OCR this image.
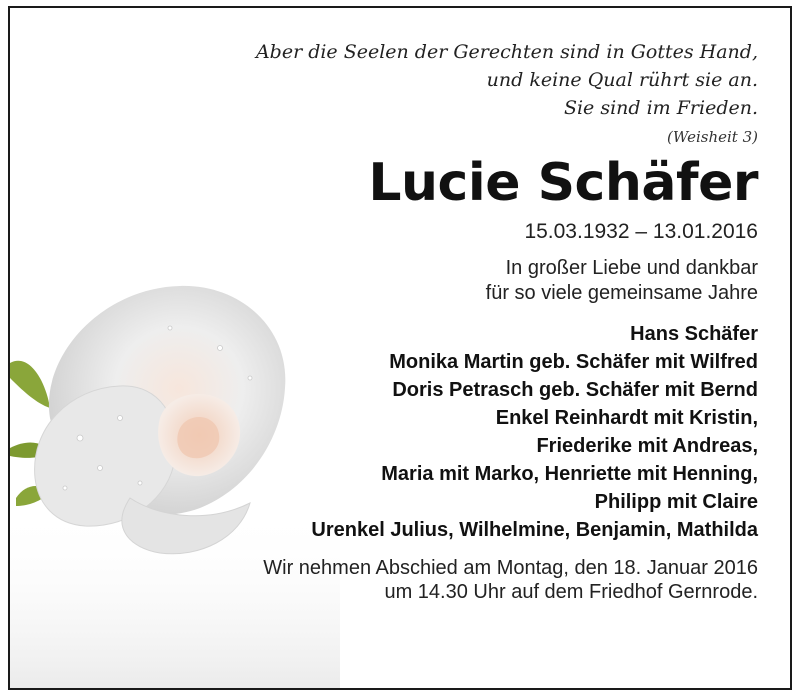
Aber die Seelen der Gerechten sind in Gottes Hand,
und keine Qual rührt sie an.
Sie sind im Frieden.
(Weisheit 3)
Lucie Schäfer
15.03.1932 – 13.01.2016
In großer Liebe und dankbar
für so viele gemeinsame Jahre
Hans Schäfer
Monika Martin geb. Schäfer mit Wilfred
Doris Petrasch geb. Schäfer mit Bernd
Enkel Reinhardt mit Kristin,
Friederike mit Andreas,
Maria mit Marko, Henriette mit Henning,
Philipp mit Claire
Urenkel Julius, Wilhelmine, Benjamin, Mathilda
Wir nehmen Abschied am Montag, den 18. Januar 2016
um 14.30 Uhr auf dem Friedhof Gernrode.
